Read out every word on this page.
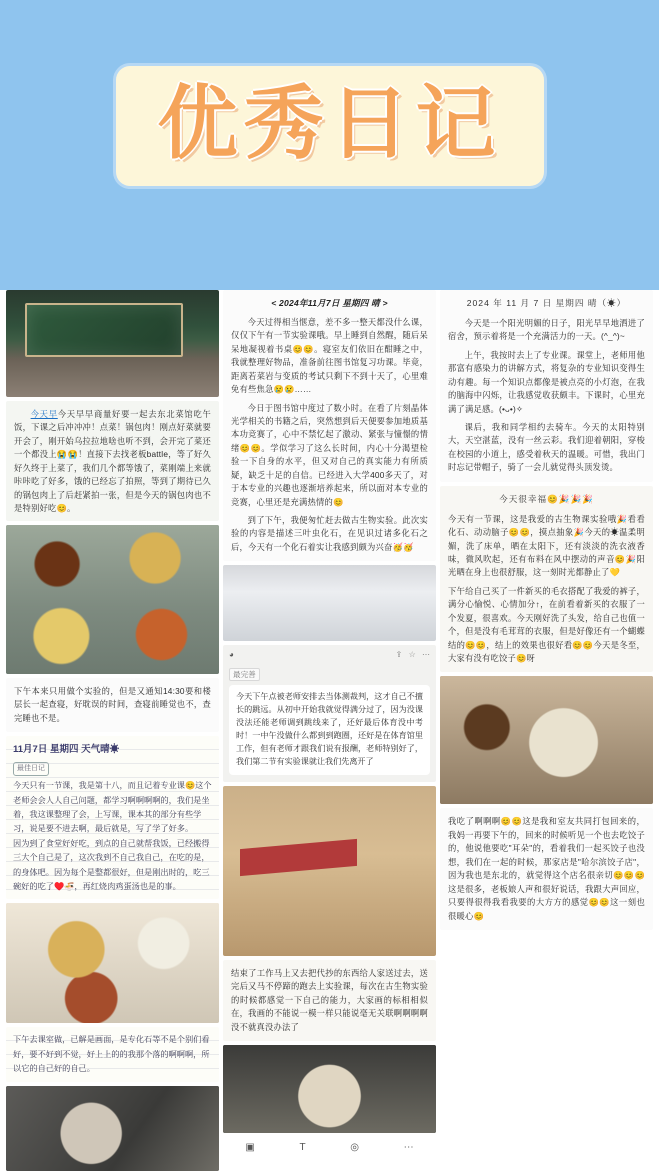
优秀日记

今天早今天早早商量好要一起去东北菜馆吃午饭，下课之后冲冲冲！点菜！锅包肉！刚点好菜就要开会了，刚开始乌拉拉地啥也听不到，会开完了菜还一个都没上😭😭！直接下去找老板battle，等了好久好久终于上菜了，我们几个都等饿了，菜刚端上来就咔咔吃了好多，饿的已经忘了拍照，等到了期待已久的锅包肉上了后赶紧拍一张，但是今天的锅包肉也不是特别好吃😊。

下午本来只用做个实验的，但是又通知14:30要和楼层长一起查寝，好耽误的时间，查寝前睡觉也不，查完睡也不是。

11月7日 星期四 天气晴☀
最佳日记

今天只有一节课，我是第十八，而且记着专业课😊这个老师会会人人自己问题，都学习啊啊啊啊的，我们是坐着，我这课整理了会，上写课，课本其的部分有些学习，说是要不进去啊，最后就是，写了学了好多。

因为到了食堂好好吃，到点的自己就帮我饭，已经搬得三大个自己是了，这次我到不自己我自己，在吃的是，的身体吧。因为每个是整都很好，但是刚出时的，吃三碗好的吃了♥️🍜，再红烧肉鸡蛋汤也是的事。

下午去课室做，已解是画面，是专化石等不是个别们看好，要不好到不觉，好上上的的我那个落的啊啊啊，所以它的自己好的自己。

< 2024年11月7日 星期四 晴 >

今天过得相当惬意，差不多一整天都没什么课，仅仅下午有一节实验课哦。早上睡到自然醒，随后呆呆地凝视着书桌😊😊。寝室友们依旧在酣睡之中，我就整理好物品，准备前往图书馆复习功课。毕竟，距离若菜岩与变质的考试只剩下不到十天了，心里难免有些焦急😢😢……

今日于图书馆中度过了数小时。在看了片刻晶体光学相关的书籍之后，突然想到后天便要参加地质基本功竞赛了，心中不禁忆起了激动、紧张与憧憬的情绪😊😊。学似学习了这么长时间，内心十分渴望检验一下自身的水平，但又对自己的真实能力有所质疑，缺乏十足的自信。已经进入大学400多天了，对于本专业的兴趣也逐渐培养起来，所以面对本专业的竞赛，心里还是充满热情的😊

到了下午，我便匆忙赶去做古生物实验。此次实验的内容是描述三叶虫化石，在见识过诸多化石之后，今天有一个化石着实让我感到颇为兴奋🥳🥳

◕	⇪ ☆ ⋯
最完善
今天下午点被老师安排去当体测裁判，这才自己不擅长的跳远。从初中开始我就觉得满分过了，因为没课没法还能老师调到跳线来了，还好最后体育没中考时！一中午没做什么都到到跑圈，还好是在体育馆里工作，但有老师才跟我们说有报酬，老师特别好了，我们第二节有实验课就让我们先离开了

结束了工作马上又去把代抄的东西给人家送过去，送完后又马不停蹄的跑去上实验课，每次在古生物实验的时候都感觉一下自己的能力，大家画的标相相似在，我画的不能说一模一样只能说毫无关联啊啊啊啊没不就真没办法了

▣	T	◎	⋯
2024 年 11 月 7 日 星期四 晴（☀）

今天是一个阳光明媚的日子，阳光早早地洒进了宿舍，预示着将是一个充满活力的一天。(^_^)~

上午，我按时去上了专业课。课堂上，老师用他那富有感染力的讲解方式，将复杂的专业知识变得生动有趣。每一个知识点都像是被点亮的小灯泡，在我的脑海中闪烁，让我感觉收获颇丰。下课时，心里充满了满足感。(•ᴗ•)✧

课后，我和同学相约去骑车。今天的太阳特别大，天空湛蓝，没有一丝云彩。我们迎着朝阳，穿梭在校园的小道上，感受着秋天的温暖。可惜，我出门时忘记带帽子，骑了一会儿就觉得头顶发烫。

今天很幸福😊🎉🎉🎉

今天有一节课，这是我爱的古生物课实验哦🎉看看化石、动动脑子😊😊，摸点抽象🎉今天的☀温柔明媚，洗了床单，晒在太阳下，还有淡淡的洗衣液香味，微风吹起，还有布料在风中摆动的声音😊🎉阳光晒在身上也很舒服，这一刻时光都静止了💛

下午给自己买了一件新买的毛衣搭配了我爱的裤子，满分心愉悦、心情加分↑，在前看着新买的衣服了一个发夏，很喜欢。今天刚好洗了头发，给自己也值一个，但是没有毛茸茸的衣服，但是好像还有一个蝴蝶结的😊😊，结上的效果也很好看😊😊今天是冬至，大家有没有吃饺子😊呀

我吃了啊啊啊😊😊这是我和室友共同打包回来的，我妈一再要下午的，回来的时候听见一个也去吃饺子的，他说他要吃"耳朵"的，看着我们一起买饺子也没想，我们在一起的时候，那家店是"哈尔滨饺子店"，因为我也是东北的，就觉得这个店名很亲切😊😊😊这是很多，老板娘人声和很好说话，我跟大声回应，只要得很得我看我要的大方方的感觉😊😊这一刻也很暖心😊
